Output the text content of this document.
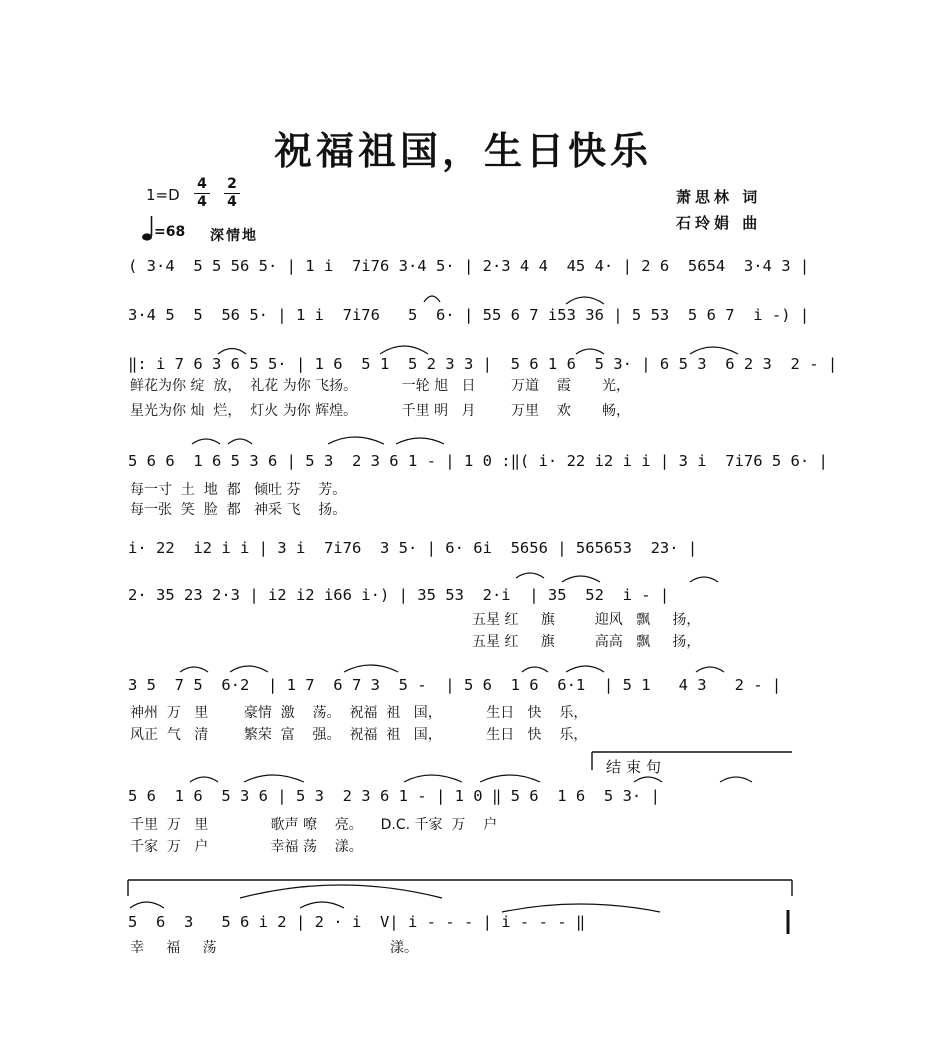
祝福祖国，生日快乐
$1=D \frac{4}{4} \frac{2}{4}$
=68 深情地
萧思林 词
石玲娟 曲
( 3·4  5 5 56 5· | 1 i  7i76 3·4 5· | 2·3 4 4  45 4· | 2 6  5654  3·4 3 |
3·4 5  5  56 5· | 1 i  7i76   5  6· | 55 6 7 i53 36 | 5 53  5 6 7  i -) |
‖: i 7 6 3 6 5 5· | 1 6  5 1  5 2 3 3 |  5 6 1 6  5 3· | 6 5 3  6 2 3  2 - |
鲜花为你 绽  放，  礼花 为你 飞扬。          一轮 旭   日        万道    霞       光，
星光为你 灿  烂，  灯火 为你 辉煌。          千里 明   月        万里    欢       畅，
5 6 6  1 6 5 3 6 | 5 3  2 3 6 1 - | 1 0 :‖( i· 22 i2 i i | 3 i  7i76 5 6· |
每一寸  土  地  都   倾吐 芬    芳。
每一张  笑  脸  都   神采 飞    扬。
i· 22  i2 i i | 3 i  7i76  3 5· | 6· 6i  5656 | 565653  23· |
2· 35 23 2·3 | i2 i2 i66 i·) | 35 53  2·i  | 35  52  i - |
五星 红     旗         迎风   飘     扬，
五星 红     旗         高高   飘     扬，
3 5  7 5  6·2  | 1 7  6 7 3  5 -  | 5 6  1 6  6·1  | 5 1   4 3   2 - |
神州  万   里        豪情  激    荡。  祝福  祖   国，          生日   快    乐，
风正  气   清        繁荣  富    强。  祝福  祖   国，          生日   快    乐，
结束句
5 6  1 6  5 3 6 | 5 3  2 3 6 1 - | 1 0 ‖ 5 6  1 6  5 3· |
千里  万   里              歌声 嘹    亮。    D.C. 千家  万    户
千家  万   户              幸福 荡    漾。
5  6  3   5 6 i 2 | 2 · i  V| i - - - | i - - - ‖
幸     福     荡                                       漾。
